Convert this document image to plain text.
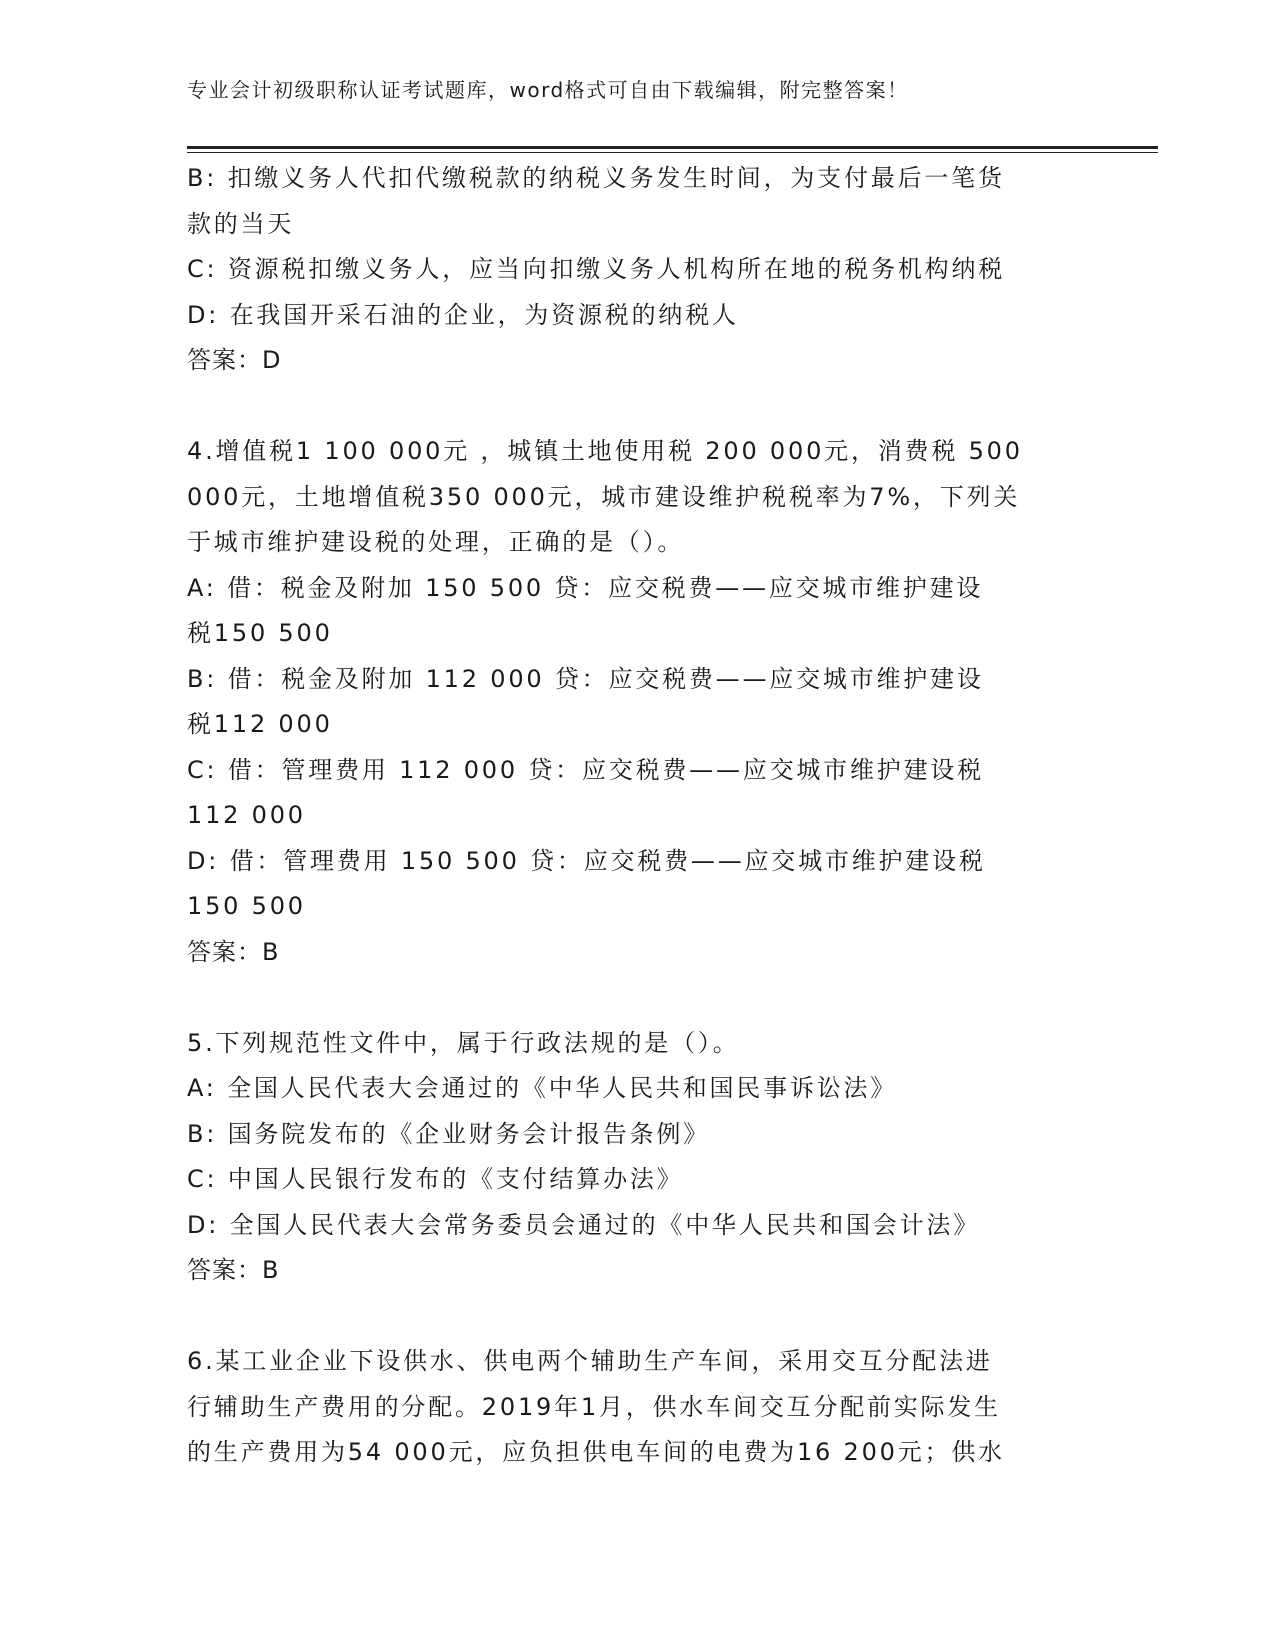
专业会计初级职称认证考试题库，word格式可自由下载编辑，附完整答案！

B: 扣缴义务人代扣代缴税款的纳税义务发生时间，为支付最后一笔货

款的当天

C: 资源税扣缴义务人，应当向扣缴义务人机构所在地的税务机构纳税

D: 在我国开采石油的企业，为资源税的纳税人

答案：D

4.增值税1 100 000元 ，城镇土地使用税 200 000元，消费税 500

000元，土地增值税350 000元，城市建设维护税税率为7%，下列关

于城市维护建设税的处理，正确的是（）。

A: 借：税金及附加 150 500 贷：应交税费——应交城市维护建设

税150 500

B: 借：税金及附加 112 000 贷：应交税费——应交城市维护建设

税112 000

C: 借：管理费用 112 000 贷：应交税费——应交城市维护建设税

112 000

D: 借：管理费用 150 500 贷：应交税费——应交城市维护建设税

150 500

答案：B

5.下列规范性文件中，属于行政法规的是（）。

A: 全国人民代表大会通过的《中华人民共和国民事诉讼法》

B: 国务院发布的《企业财务会计报告条例》

C: 中国人民银行发布的《支付结算办法》

D: 全国人民代表大会常务委员会通过的《中华人民共和国会计法》

答案：B

6.某工业企业下设供水、供电两个辅助生产车间，采用交互分配法进

行辅助生产费用的分配。2019年1月，供水车间交互分配前实际发生

的生产费用为54 000元，应负担供电车间的电费为16 200元；供水
